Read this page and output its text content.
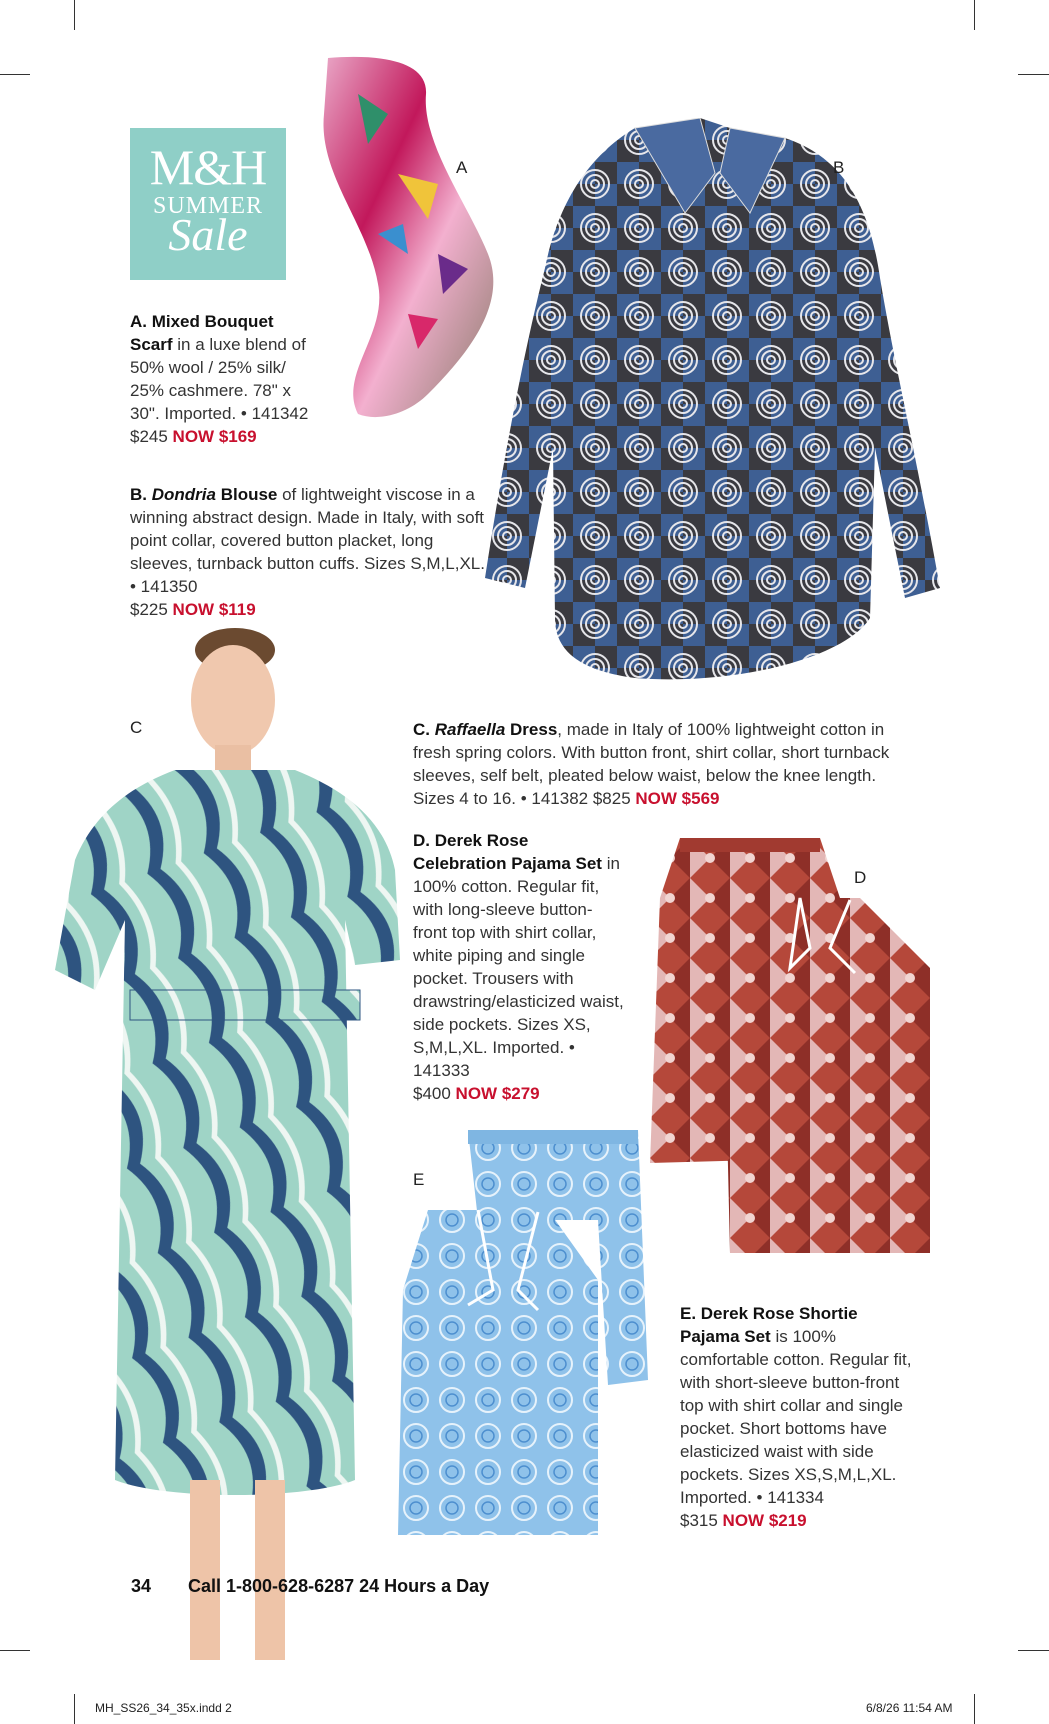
M&H
SUMMER
Sale
A	B
A. Mixed Bouquet Scarf in a luxe blend of 50% wool / 25% silk/ 25% cashmere. 78" x 30". Imported. • 141342
$245 NOW $169
B. Dondria Blouse of lightweight viscose in a winning abstract design. Made in Italy, with soft point collar, covered button placket, long sleeves, turnback button cuffs. Sizes S,M,L,XL. • 141350
$225 NOW $119
C	C. Raffaella Dress, made in Italy of 100% lightweight cotton in fresh spring colors. With button front, shirt collar, short turnback sleeves, self belt, pleated below waist, below the knee length. Sizes 4 to 16. • 141382 $825 NOW $569
D. Derek Rose Celebration Pajama Set in 100% cotton. Regular fit, with long-sleeve button-front top with shirt collar, white piping and single pocket. Trousers with drawstring/elasticized waist, side pockets. Sizes XS, S,M,L,XL. Imported. • 141333
$400 NOW $279
D
E
E. Derek Rose Shortie Pajama Set is 100% comfortable cotton. Regular fit, with short-sleeve button-front top with shirt collar and single pocket. Short bottoms have elasticized waist with side pockets. Sizes XS,S,M,L,XL. Imported. • 141334
$315 NOW $219
34 Call 1-800-628-6287 24 Hours a Day
MH_SS26_34_35x.indd 2	6/8/26 11:54 AM
